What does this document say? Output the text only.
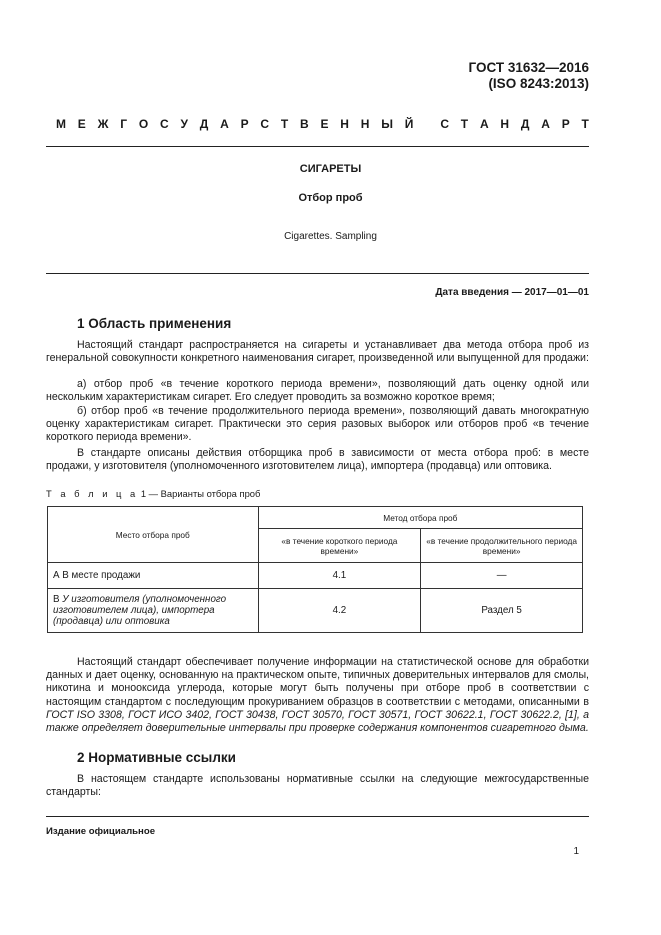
ГОСТ 31632—2016
(ISO 8243:2013)
М Е Ж Г О С У Д А Р С Т В Е Н Н Ы Й
С Т А Н Д А Р Т
СИГАРЕТЫ
Отбор проб
Cigarettes. Sampling
Дата введения — 2017—01—01
1 Область применения
Настоящий стандарт распространяется на сигареты и устанавливает два метода отбора проб из генеральной совокупности конкретного наименования сигарет, произведенной или выпущенной для продажи:
а) отбор проб «в течение короткого периода времени», позволяющий дать оценку одной или нескольким характеристикам сигарет. Его следует проводить за возможно короткое время;
б) отбор проб «в течение продолжительного периода времени», позволяющий давать многократную оценку характеристикам сигарет. Практически это серия разовых выборок или отборов проб «в течение короткого периода времени».
В стандарте описаны действия отборщика проб в зависимости от места отбора проб: в месте продажи, у изготовителя (уполномоченного изготовителем лица), импортера (продавца) или оптовика.
Т а б л и ц а 1 — Варианты отбора проб
Место отбора проб	Метод отбора проб	
	«в течение короткого периода времени»	«в течение продолжительного периода времени»
А В месте продажи	4.1	—
В У изготовителя (уполномоченного изготовителем лица), импортера (продавца) или оптовика	4.2	Раздел 5
Настоящий стандарт обеспечивает получение информации на статистической основе для обработки данных и дает оценку, основанную на практическом опыте, типичных доверительных интервалов для смолы, никотина и монооксида углерода, которые могут быть получены при отборе проб в соответствии с настоящим стандартом с последующим прокуриванием образцов в соответствии с методами, описанными в ГОСТ ISO 3308, ГОСТ ИСО 3402, ГОСТ 30438, ГОСТ 30570, ГОСТ 30571, ГОСТ 30622.1, ГОСТ 30622.2, [1], а также определяет доверительные интервалы при проверке содержания компонентов сигаретного дыма.
2 Нормативные ссылки
В настоящем стандарте использованы нормативные ссылки на следующие межгосударственные стандарты:
Издание официальное
1
